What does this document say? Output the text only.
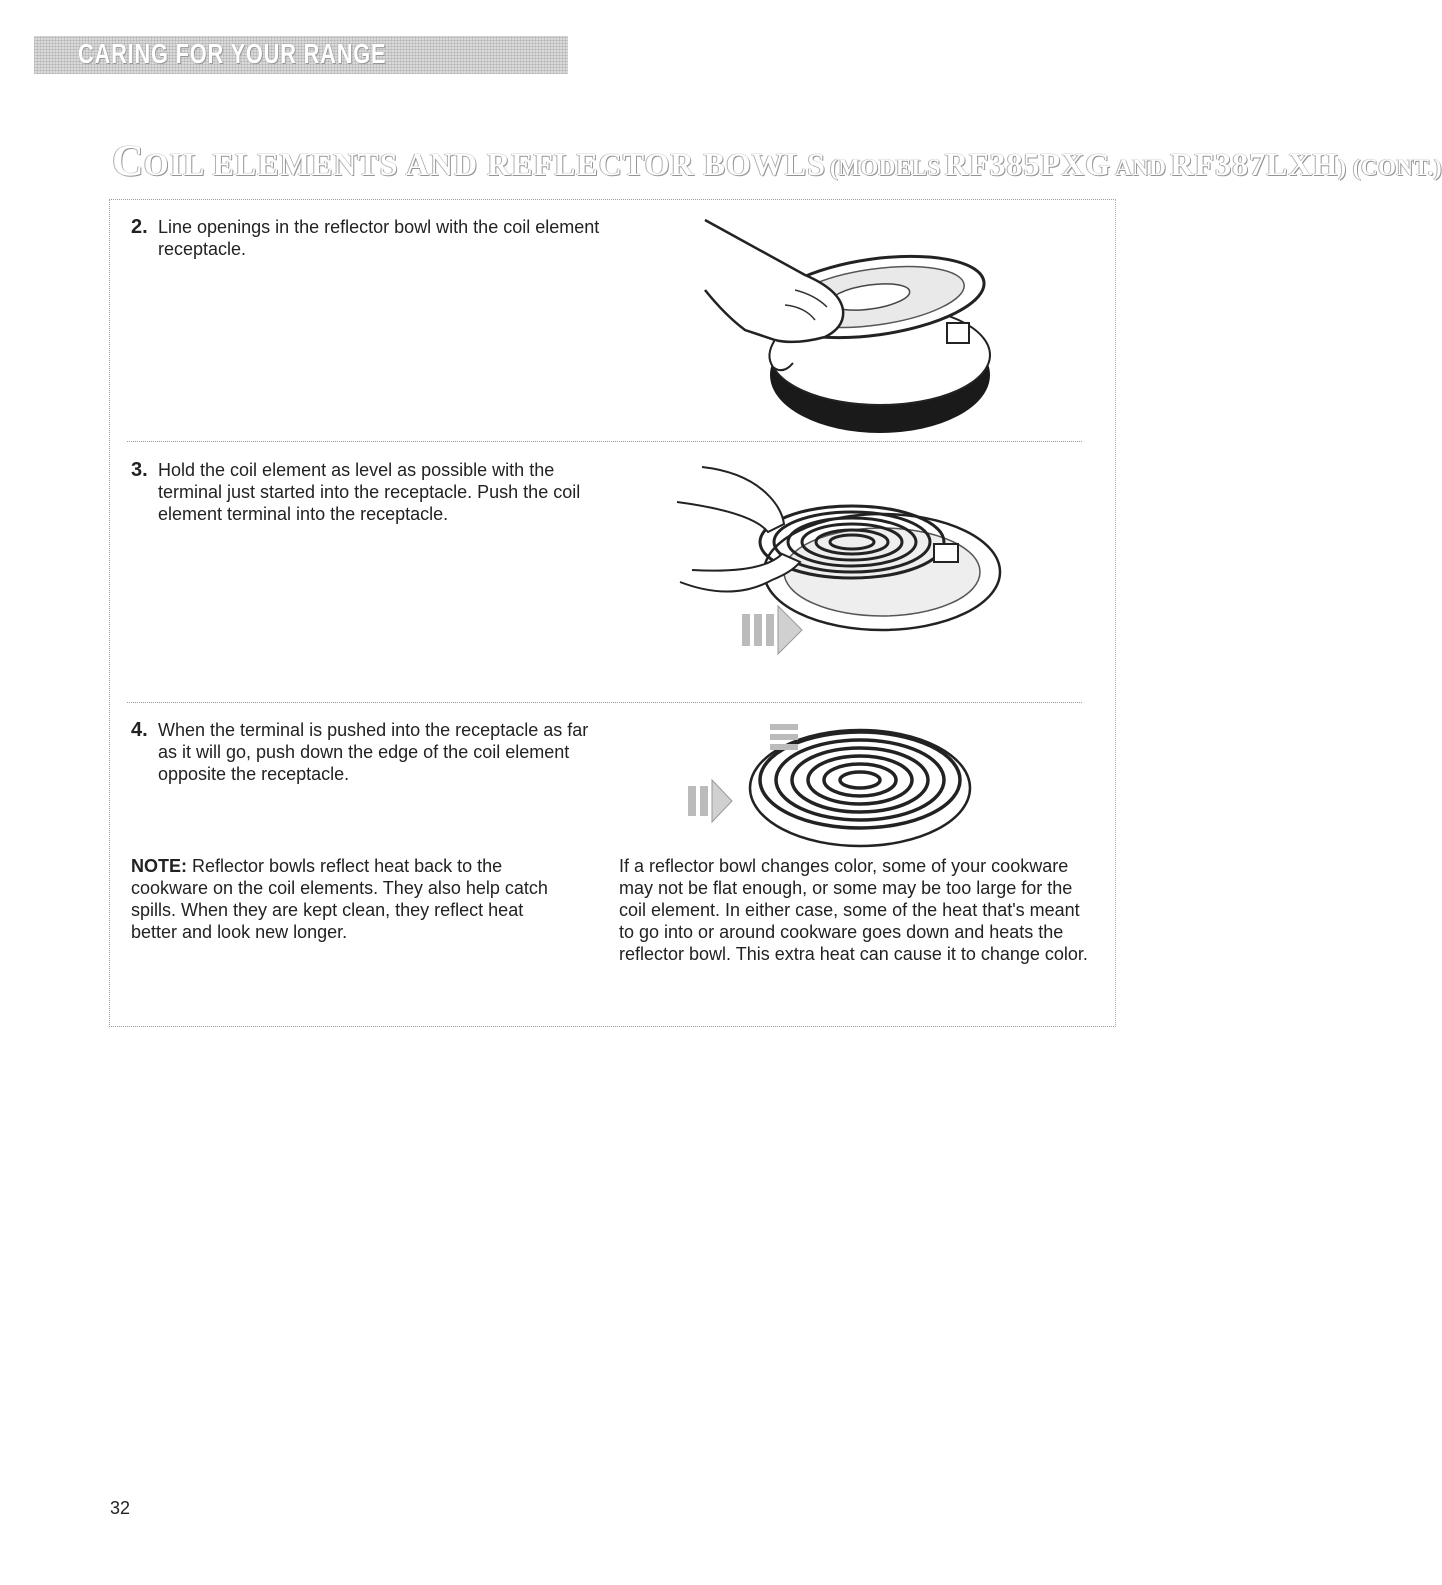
CARING FOR YOUR RANGE
COIL ELEMENTS AND REFLECTOR BOWLS (MODELS RF385PXG AND RF387LXH) (CONT.)
2. Line openings in the reflector bowl with the coil element receptacle.
3. Hold the coil element as level as possible with the terminal just started into the receptacle. Push the coil element terminal into the receptacle.
4. When the terminal is pushed into the receptacle as far as it will go, push down the edge of the coil element opposite the receptacle.

NOTE: Reflector bowls reflect heat back to the cookware on the coil elements. They also help catch spills. When they are kept clean, they reflect heat better and look new longer.

If a reflector bowl changes color, some of your cookware may not be flat enough, or some may be too large for the coil element. In either case, some of the heat that's meant to go into or around cookware goes down and heats the reflector bowl. This extra heat can cause it to change color.

32
